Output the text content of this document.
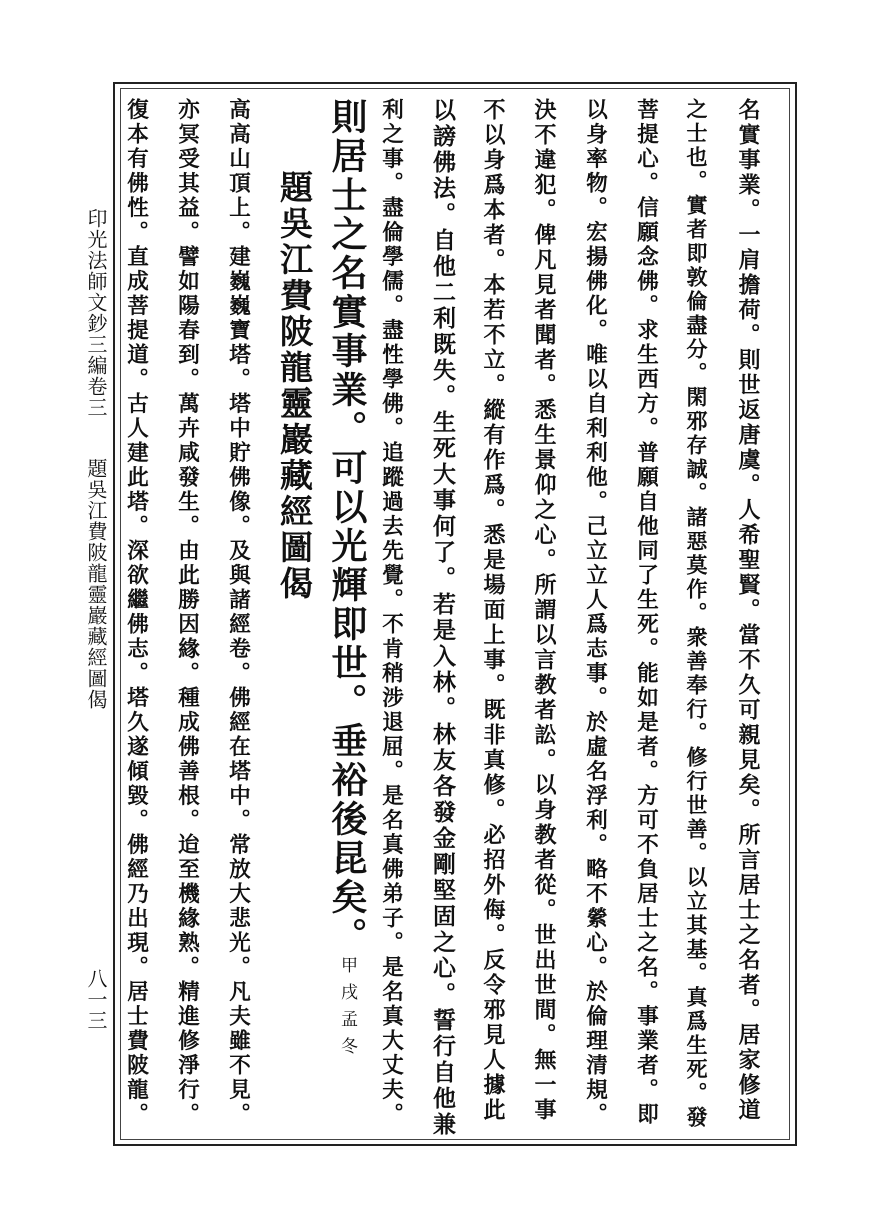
名實事業。一肩擔荷。則世返唐虞。人希聖賢。當不久可親見矣。所言居士之名者。居家修道
之士也。實者即敦倫盡分。閑邪存誠。諸惡莫作。衆善奉行。修行世善。以立其基。真爲生死。發
菩提心。信願念佛。求生西方。普願自他同了生死。能如是者。方可不負居士之名。事業者。即
以身率物。宏揚佛化。唯以自利利他。己立立人爲志事。於虛名浮利。略不縈心。於倫理清規。
決不違犯。俾凡見者聞者。悉生景仰之心。所謂以言教者訟。以身教者從。世出世間。無一事
不以身爲本者。本若不立。縱有作爲。悉是場面上事。既非真修。必招外侮。反令邪見人據此
以謗佛法。自他二利既失。生死大事何了。若是入林。林友各發金剛堅固之心。誓行自他兼
利之事。盡倫學儒。盡性學佛。追蹤過去先覺。不肯稍涉退屈。是名真佛弟子。是名真大丈夫。
則居士之名實事業。可以光輝即世。垂裕後昆矣。甲戌孟冬
題吳江費陂龍靈巖藏經圖偈
高高山頂上。建巍巍寶塔。塔中貯佛像。及與諸經卷。佛經在塔中。常放大悲光。凡夫雖不見。
亦冥受其益。譬如陽春到。萬卉咸發生。由此勝因緣。種成佛善根。迨至機緣熟。精進修淨行。
復本有佛性。直成菩提道。古人建此塔。深欲繼佛志。塔久遂傾毀。佛經乃出現。居士費陂龍。
印光法師文鈔三編卷三
題吳江費陂龍靈巖藏經圖偈
八一三
